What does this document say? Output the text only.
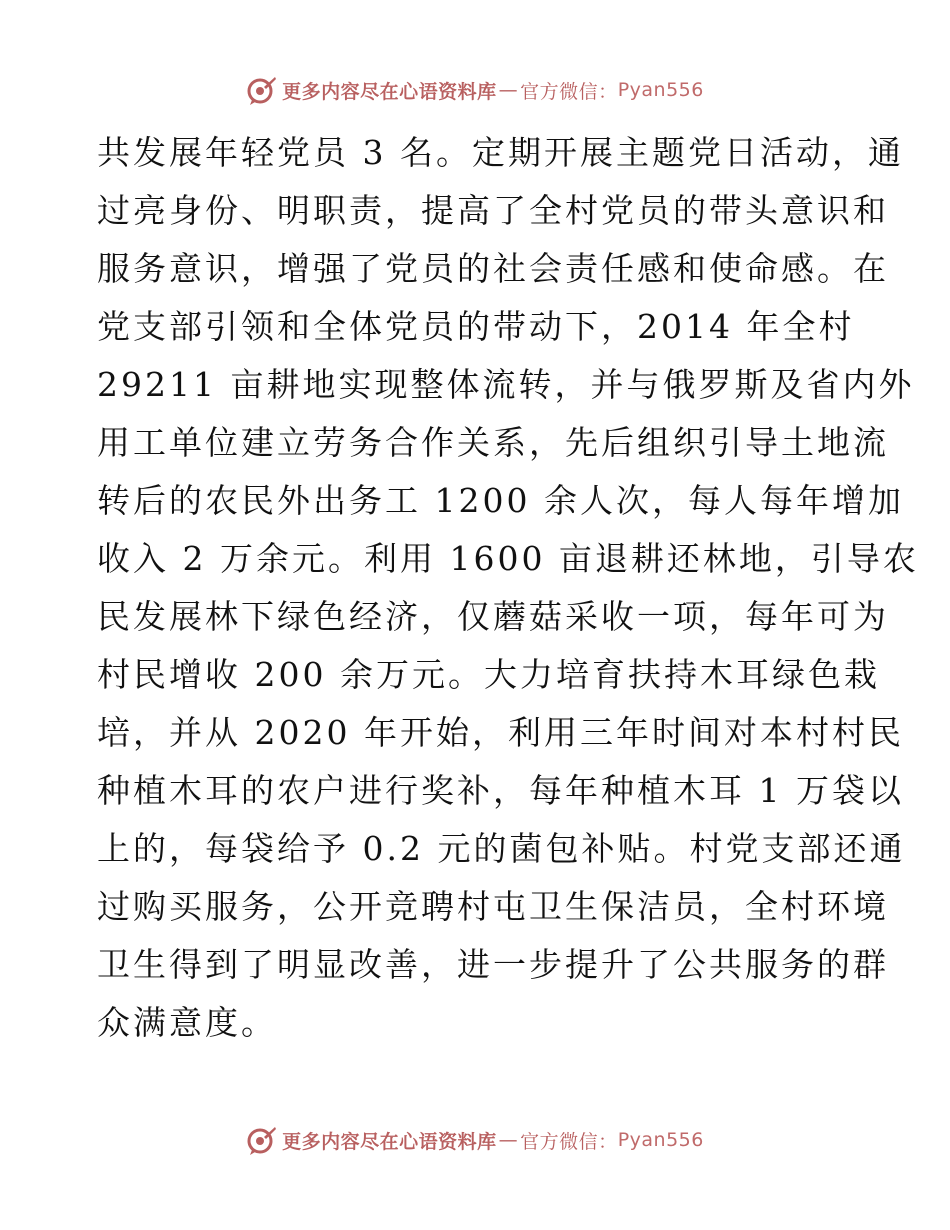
更多内容尽在心语资料库 — 官方微信： Pyan556
共发展年轻党员 3 名。定期开展主题党日活动，通
过亮身份、明职责，提高了全村党员的带头意识和
服务意识，增强了党员的社会责任感和使命感。在
党支部引领和全体党员的带动下，2014 年全村
29211 亩耕地实现整体流转，并与俄罗斯及省内外
用工单位建立劳务合作关系，先后组织引导土地流
转后的农民外出务工 1200 余人次，每人每年增加
收入 2 万余元。利用 1600 亩退耕还林地，引导农
民发展林下绿色经济，仅蘑菇采收一项，每年可为
村民增收 200 余万元。大力培育扶持木耳绿色栽
培，并从 2020 年开始，利用三年时间对本村村民
种植木耳的农户进行奖补，每年种植木耳 1 万袋以
上的，每袋给予 0.2 元的菌包补贴。村党支部还通
过购买服务，公开竞聘村屯卫生保洁员，全村环境
卫生得到了明显改善，进一步提升了公共服务的群
众满意度。
更多内容尽在心语资料库 — 官方微信： Pyan556
